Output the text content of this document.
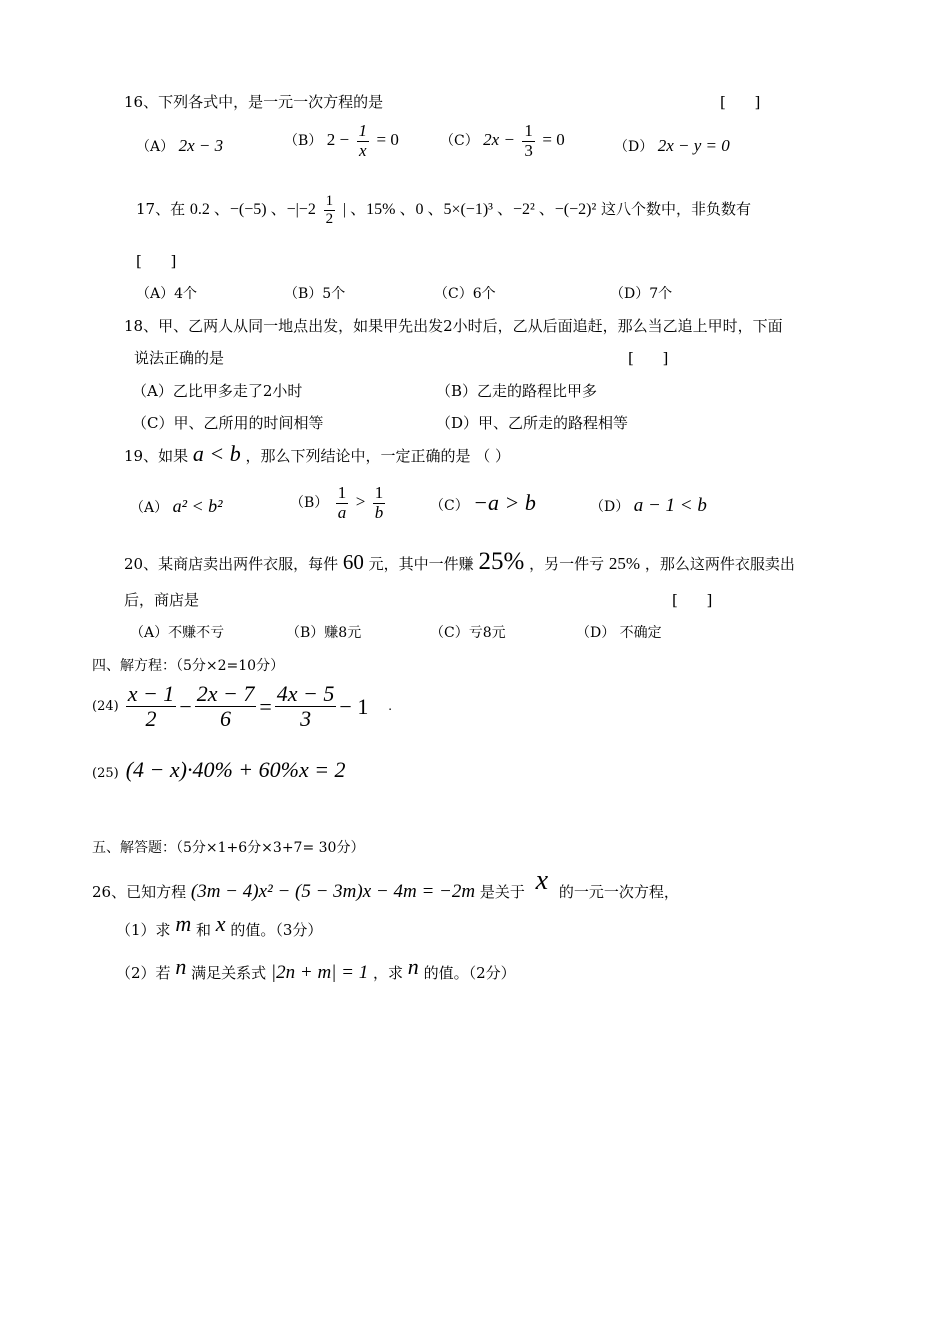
16、下列各式中，是一元一次方程的是	[      ]
（A） 2x − 3	（B） $2 - \frac{1}{x} = 0$	（C） $2x - \frac{1}{3} = 0$	（D） 2x − y = 0
17、在 0.2 、−(−5) 、$-|-2 \frac{1}{2}$ | 、15% 、0 、5×(−1)³ 、−2² 、−(−2)² 这八个数中，非负数有
[      ]
（A）4个	（B）5个	（C）6个	（D）7个
18、甲、乙两人从同一地点出发，如果甲先出发2小时后，乙从后面追赶，那么当乙追上甲时，下面
说法正确的是	[      ]
（A）乙比甲多走了2小时	（B）乙走的路程比甲多
（C）甲、乙所用的时间相等	（D）甲、乙所走的路程相等
19、如果 a < b ，那么下列结论中，一定正确的是 （ ）
（A） a² < b²	$(B) \frac{1}{a} > \frac{1}{b}$	（C） −a > b	（D） a − 1 < b
20、某商店卖出两件衣服，每件 60 元，其中一件赚 25% ，另一件亏 25% ，那么这两件衣服卖出
后，商店是	[      ]
（A）不赚不亏	（B）赚8元	（C）亏8元	（D） 不确定
四、解方程：（5分×2=10分）
$(24) \frac{x - 1}{2} - \frac{2x - 7}{6} = \frac{4x - 5}{3} - 1$ .
(25) (4 − x)·40% + 60%x = 2
五、解答题：（5分×1+6分×3+7= 30分）
26、已知方程 (3m − 4)x² − (5 − 3m)x − 4m = −2m 是关于 x 的一元一次方程，
（1）求 m 和 x 的值。（3分）
（2）若 n 满足关系式 |2n + m| = 1 ，求 n 的值。（2分）
